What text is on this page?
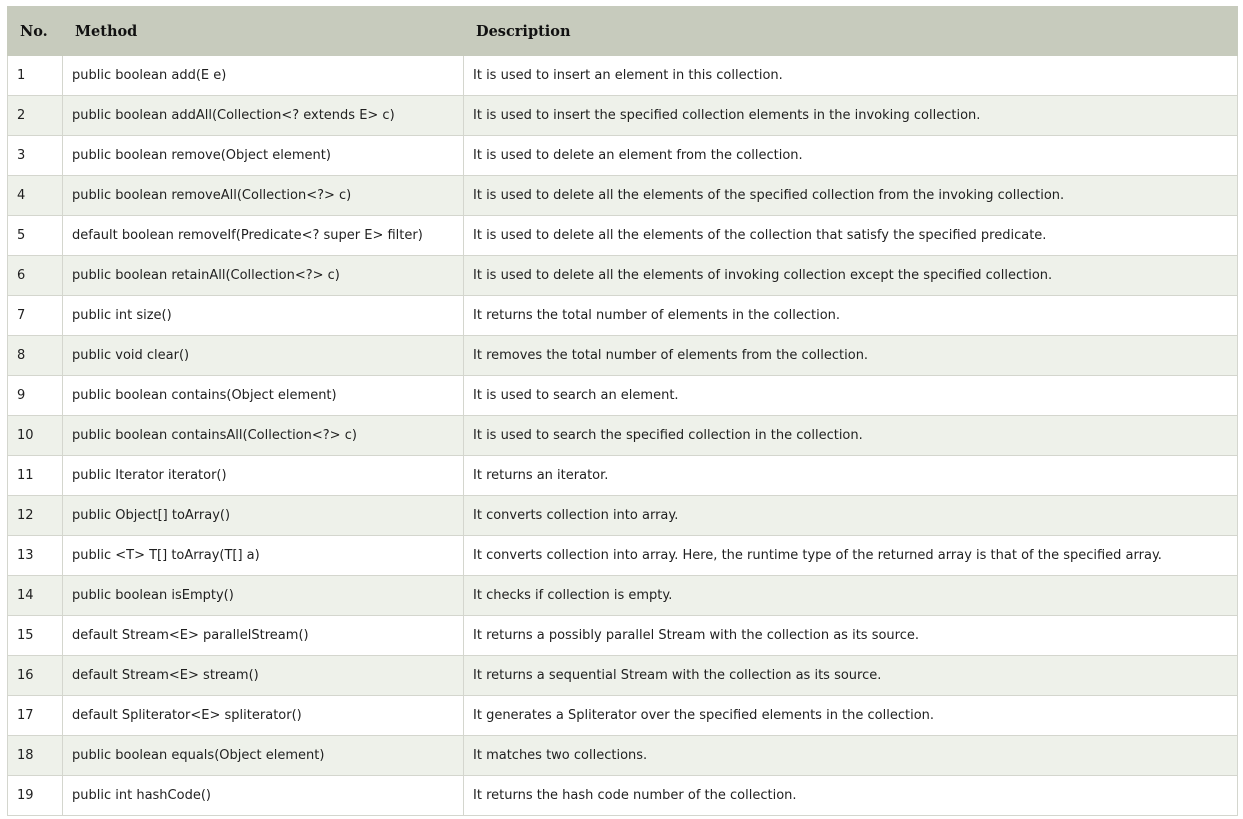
No.	Method	Description
1	public boolean add(E e)	It is used to insert an element in this collection.
2	public boolean addAll(Collection<? extends E> c)	It is used to insert the specified collection elements in the invoking collection.
3	public boolean remove(Object element)	It is used to delete an element from the collection.
4	public boolean removeAll(Collection<?> c)	It is used to delete all the elements of the specified collection from the invoking collection.
5	default boolean removeIf(Predicate<? super E> filter)	It is used to delete all the elements of the collection that satisfy the specified predicate.
6	public boolean retainAll(Collection<?> c)	It is used to delete all the elements of invoking collection except the specified collection.
7	public int size()	It returns the total number of elements in the collection.
8	public void clear()	It removes the total number of elements from the collection.
9	public boolean contains(Object element)	It is used to search an element.
10	public boolean containsAll(Collection<?> c)	It is used to search the specified collection in the collection.
11	public Iterator iterator()	It returns an iterator.
12	public Object[] toArray()	It converts collection into array.
13	public <T> T[] toArray(T[] a)	It converts collection into array. Here, the runtime type of the returned array is that of the specified array.
14	public boolean isEmpty()	It checks if collection is empty.
15	default Stream<E> parallelStream()	It returns a possibly parallel Stream with the collection as its source.
16	default Stream<E> stream()	It returns a sequential Stream with the collection as its source.
17	default Spliterator<E> spliterator()	It generates a Spliterator over the specified elements in the collection.
18	public boolean equals(Object element)	It matches two collections.
19	public int hashCode()	It returns the hash code number of the collection.
